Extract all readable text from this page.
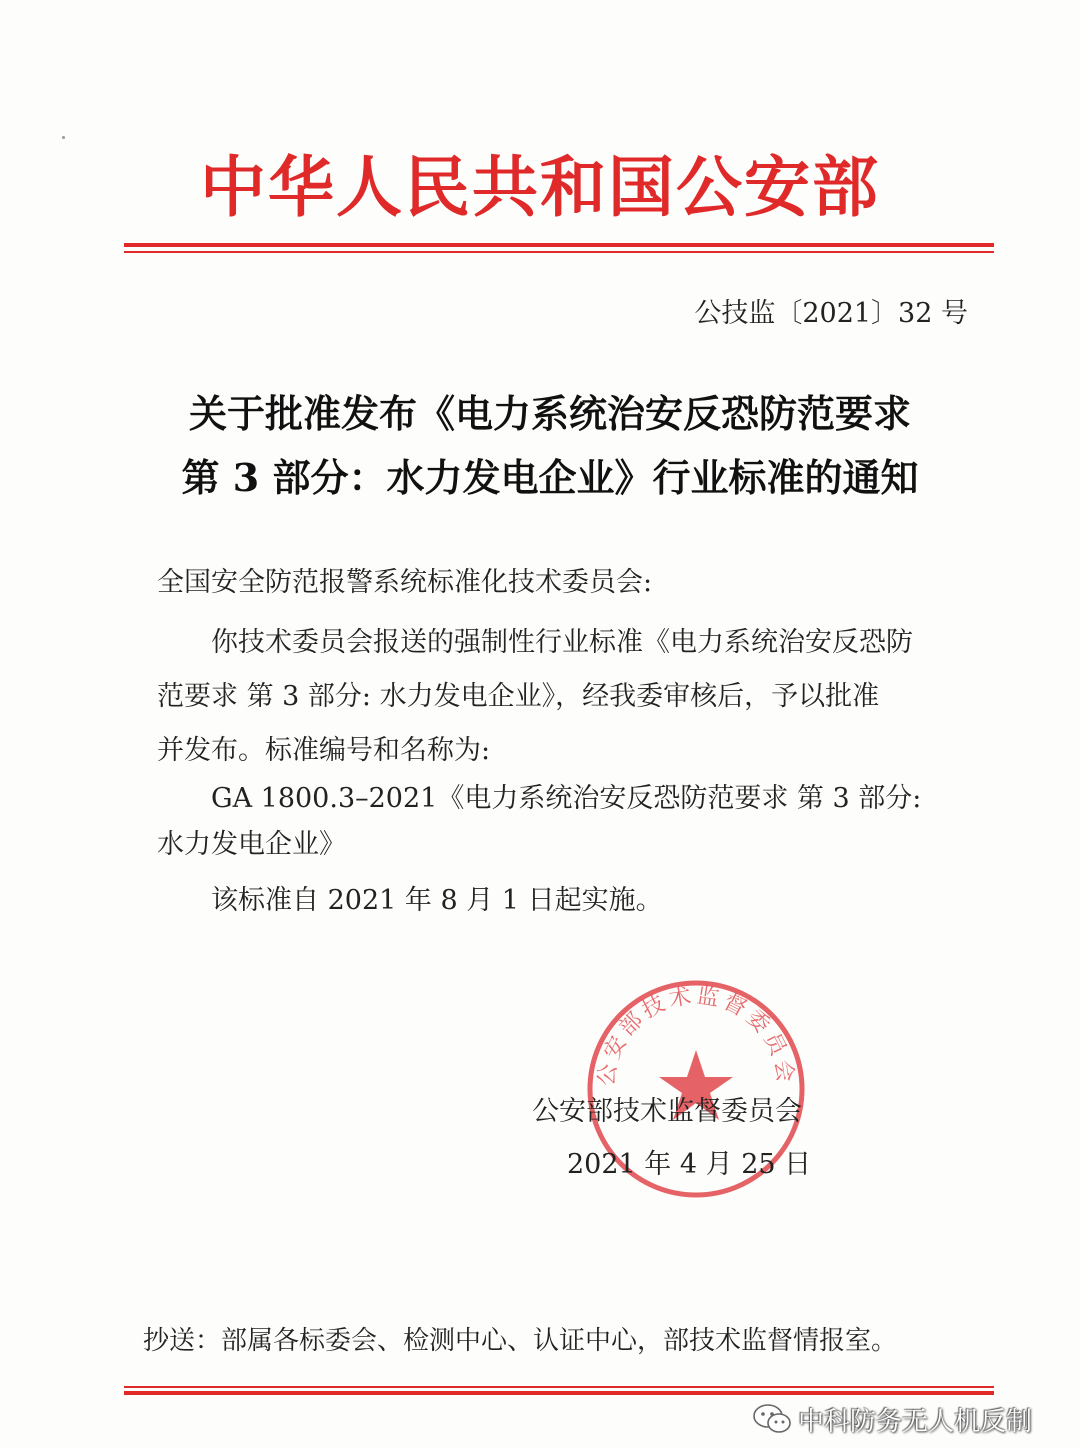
中华人民共和国公安部
公技监〔2021〕32 号
关于批准发布《电力系统治安反恐防范要求
第 3 部分：水力发电企业》行业标准的通知
全国安全防范报警系统标准化技术委员会:
你技术委员会报送的强制性行业标准《电力系统治安反恐防
范要求 第 3 部分: 水力发电企业》，经我委审核后，予以批准
并发布。标准编号和名称为:
GA 1800.3–2021《电力系统治安反恐防范要求 第 3 部分:
水力发电企业》
该标准自 2021 年 8 月 1 日起实施。
公安部技术监督委员会
公安部技术监督委员会
2021 年 4 月 25 日
抄送：部属各标委会、检测中心、认证中心，部技术监督情报室。
中科防务无人机反制
